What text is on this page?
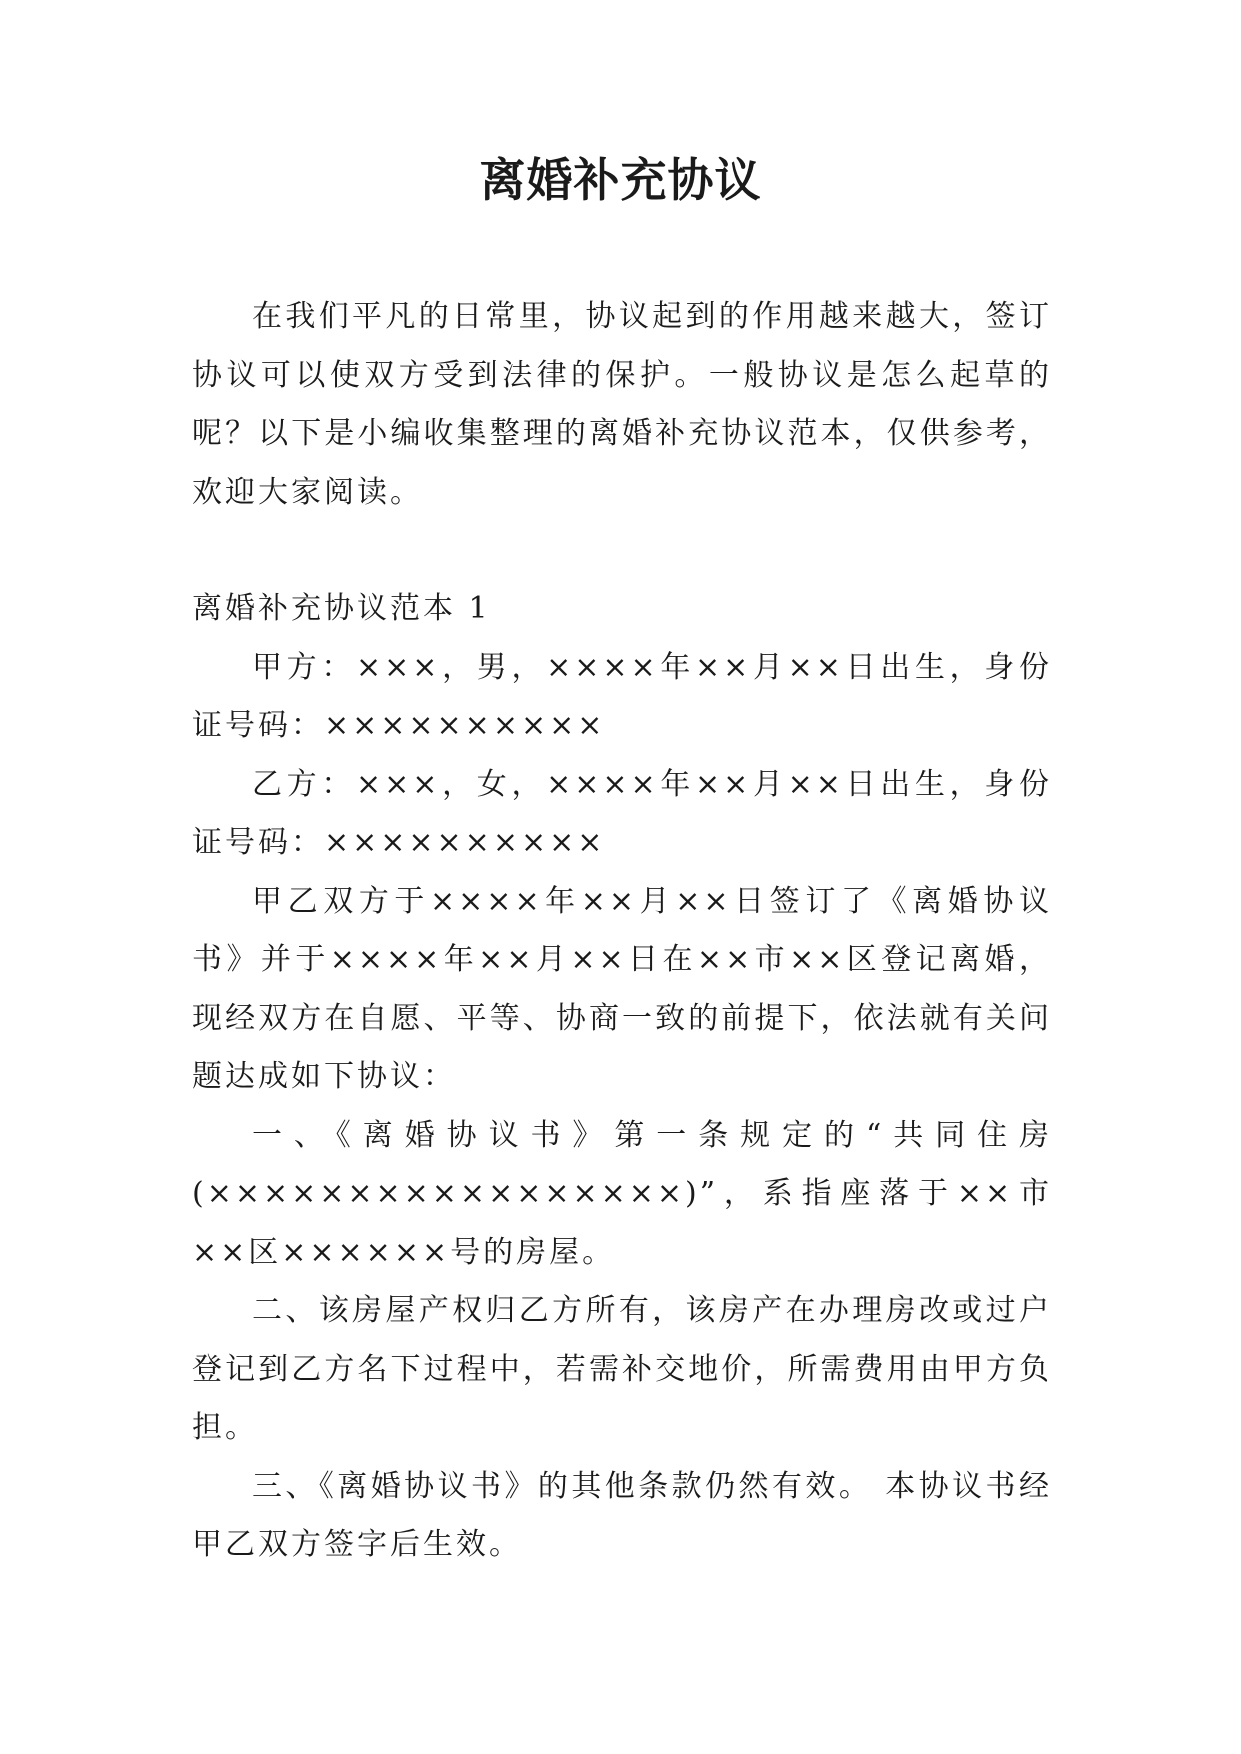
离婚补充协议

在我们平凡的日常里，协议起到的作用越来越大，签订协议可以使双方受到法律的保护。一般协议是怎么起草的呢？以下是小编收集整理的离婚补充协议范本，仅供参考，欢迎大家阅读。

离婚补充协议范本 1

甲方：×××，男，××××年××月××日出生，身份证号码：××××××××××

乙方：×××，女，××××年××月××日出生，身份证号码：××××××××××

甲乙双方于××××年××月××日签订了《离婚协议书》并于××××年××月××日在××市××区登记离婚，现经双方在自愿、平等、协商一致的前提下，依法就有关问题达成如下协议：

一、《离婚协议书》第一条规定的“共同住房(×××××××××××××××××)”，系指座落于××市××区××××××号的房屋。

二、该房屋产权归乙方所有，该房产在办理房改或过户登记到乙方名下过程中，若需补交地价，所需费用由甲方负担。

三、《离婚协议书》的其他条款仍然有效。 本协议书经甲乙双方签字后生效。
